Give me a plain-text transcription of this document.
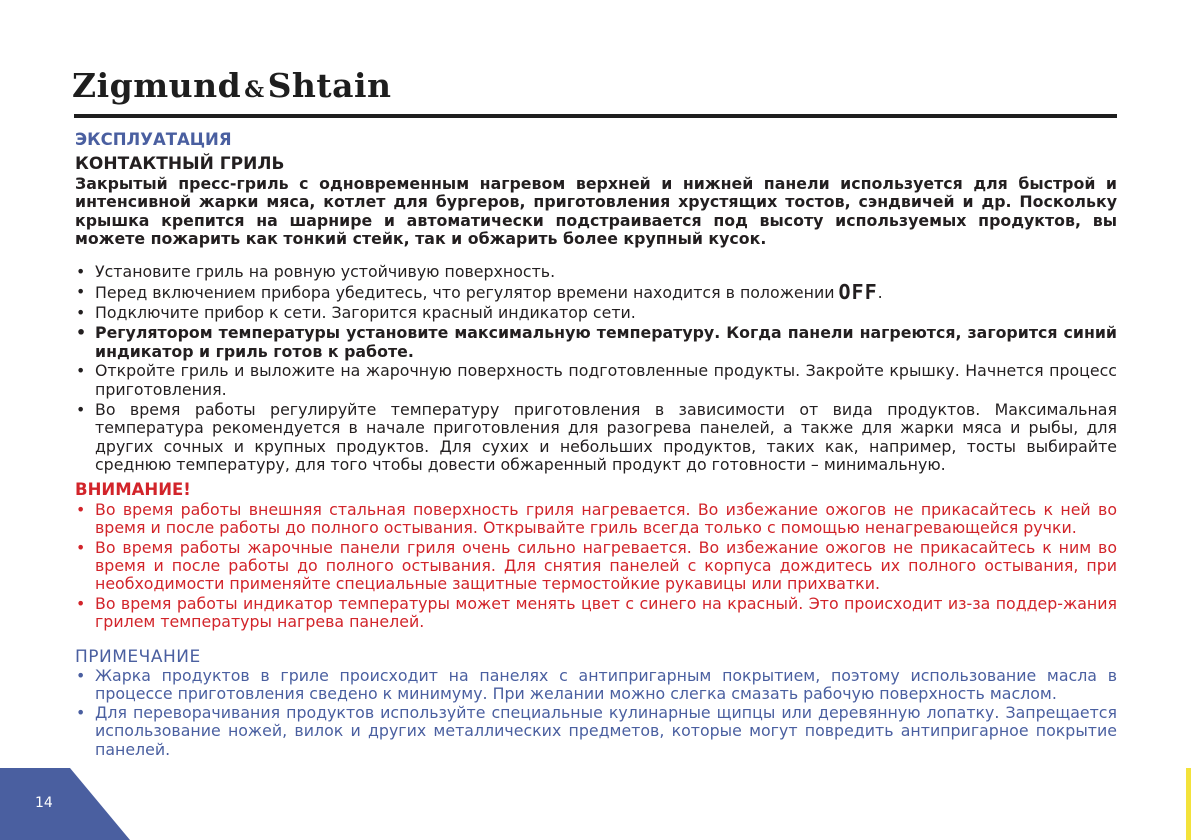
Zigmund &Shtain

ЭКСПЛУАТАЦИЯ

КОНТАКТНЫЙ ГРИЛЬ

Закрытый пресс-гриль с одновременным нагревом верхней и нижней панели используется для быстрой и интенсивной жарки мяса, котлет для бургеров, приготовления хрустящих тостов, сэндвичей и др. Поскольку крышка крепится на шарнире и автоматически подстраивается под высоту используемых продуктов, вы можете пожарить как тонкий стейк, так и обжарить более крупный кусок.

• Установите гриль на ровную устойчивую поверхность.
• Перед включением прибора убедитесь, что регулятор времени находится в положении OFF.
• Подключите прибор к сети. Загорится красный индикатор сети.
• Регулятором температуры установите максимальную температуру. Когда панели нагреются, загорится синий индикатор и гриль готов к работе.
• Откройте гриль и выложите на жарочную поверхность подготовленные продукты. Закройте крышку. Начнется процесс приготовления.
• Во время работы регулируйте температуру приготовления в зависимости от вида продуктов. Максимальная температура рекомендуется в начале приготовления для разогрева панелей, а также для жарки мяса и рыбы, для других сочных и крупных продуктов. Для сухих и небольших продуктов, таких как, например, тосты выбирайте среднюю температуру, для того чтобы довести обжаренный продукт до готовности – минимальную.

ВНИМАНИЕ!

• Во время работы внешняя стальная поверхность гриля нагревается. Во избежание ожогов не прикасайтесь к ней во время и после работы до полного остывания. Открывайте гриль всегда только с помощью ненагревающейся ручки.
• Во время работы жарочные панели гриля очень сильно нагревается. Во избежание ожогов не прикасайтесь к ним во время и после работы до полного остывания. Для снятия панелей с корпуса дождитесь их полного остывания, при необходимости применяйте специальные защитные термостойкие рукавицы или прихватки.
• Во время работы индикатор температуры может менять цвет с синего на красный. Это происходит из-за поддер-жания грилем температуры нагрева панелей.

ПРИМЕЧАНИЕ

• Жарка продуктов в гриле происходит на панелях с антипригарным покрытием, поэтому использование масла в процессе приготовления сведено к минимуму. При желании можно слегка смазать рабочую поверхность маслом.
• Для переворачивания продуктов используйте специальные кулинарные щипцы или деревянную лопатку. Запрещается использование ножей, вилок и других металлических предметов, которые могут повредить антипригарное покрытие панелей.
14
